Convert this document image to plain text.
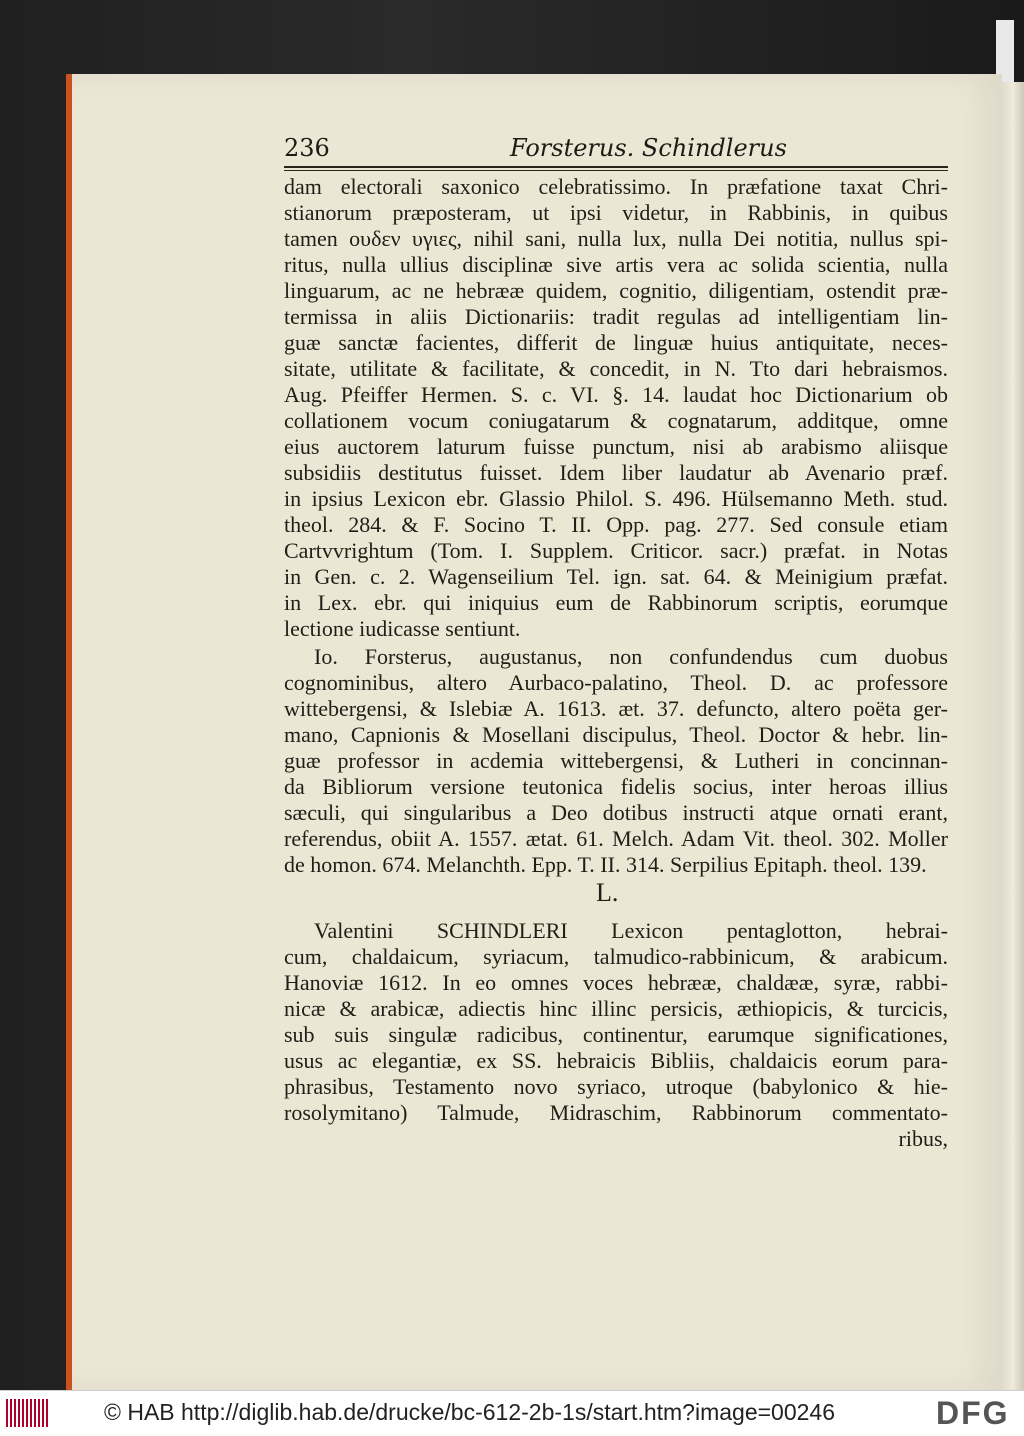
236	Forsterus. Schindlerus
dam electorali saxonico celebratissimo. In præfatione taxat Chri-
stianorum præposteram, ut ipsi videtur, in Rabbinis, in quibus
tamen ουδεν υγιες, nihil sani, nulla lux, nulla Dei notitia, nullus spi-
ritus, nulla ullius disciplinæ sive artis vera ac solida scientia, nulla
linguarum, ac ne hebrææ quidem, cognitio, diligentiam, ostendit præ-
termissa in aliis Dictionariis: tradit regulas ad intelligentiam lin-
guæ sanctæ facientes, differit de linguæ huius antiquitate, neces-
sitate, utilitate & facilitate, & concedit, in N. Tto dari hebraismos.
Aug. Pfeiffer Hermen. S. c. VI. §. 14. laudat hoc Dictionarium ob
collationem vocum coniugatarum & cognatarum, additque, omne
eius auctorem laturum fuisse punctum, nisi ab arabismo aliisque
subsidiis destitutus fuisset. Idem liber laudatur ab Avenario præf.
in ipsius Lexicon ebr. Glassio Philol. S. 496. Hülsemanno Meth. stud.
theol. 284. & F. Socino T. II. Opp. pag. 277. Sed consule etiam
Cartvvrightum (Tom. I. Supplem. Criticor. sacr.) præfat. in Notas
in Gen. c. 2. Wagenseilium Tel. ign. sat. 64. & Meinigium præfat.
in Lex. ebr. qui iniquius eum de Rabbinorum scriptis, eorumque
lectione iudicasse sentiunt.
Io. Forsterus, augustanus, non confundendus cum duobus
cognominibus, altero Aurbaco-palatino, Theol. D. ac professore
wittebergensi, & Islebiæ A. 1613. æt. 37. defuncto, altero poëta ger-
mano, Capnionis & Mosellani discipulus, Theol. Doctor & hebr. lin-
guæ professor in acdemia wittebergensi, & Lutheri in concinnan-
da Bibliorum versione teutonica fidelis socius, inter heroas illius
sæculi, qui singularibus a Deo dotibus instructi atque ornati erant,
referendus, obiit A. 1557. ætat. 61. Melch. Adam Vit. theol. 302. Moller
de homon. 674. Melanchth. Epp. T. II. 314. Serpilius Epitaph. theol. 139.
L.
Valentini SCHINDLERI Lexicon pentaglotton, hebrai-
cum, chaldaicum, syriacum, talmudico-rabbinicum, & arabicum.
Hanoviæ 1612. In eo omnes voces hebrææ, chaldææ, syræ, rabbi-
nicæ & arabicæ, adiectis hinc illinc persicis, æthiopicis, & turcicis,
sub suis singulæ radicibus, continentur, earumque significationes,
usus ac elegantiæ, ex SS. hebraicis Bibliis, chaldaicis eorum para-
phrasibus, Testamento novo syriaco, utroque (babylonico & hie-
rosolymitano) Talmude, Midraschim, Rabbinorum commentato-
ribus,
© HAB http://diglib.hab.de/drucke/bc-612-2b-1s/start.htm?image=00246	DFG
